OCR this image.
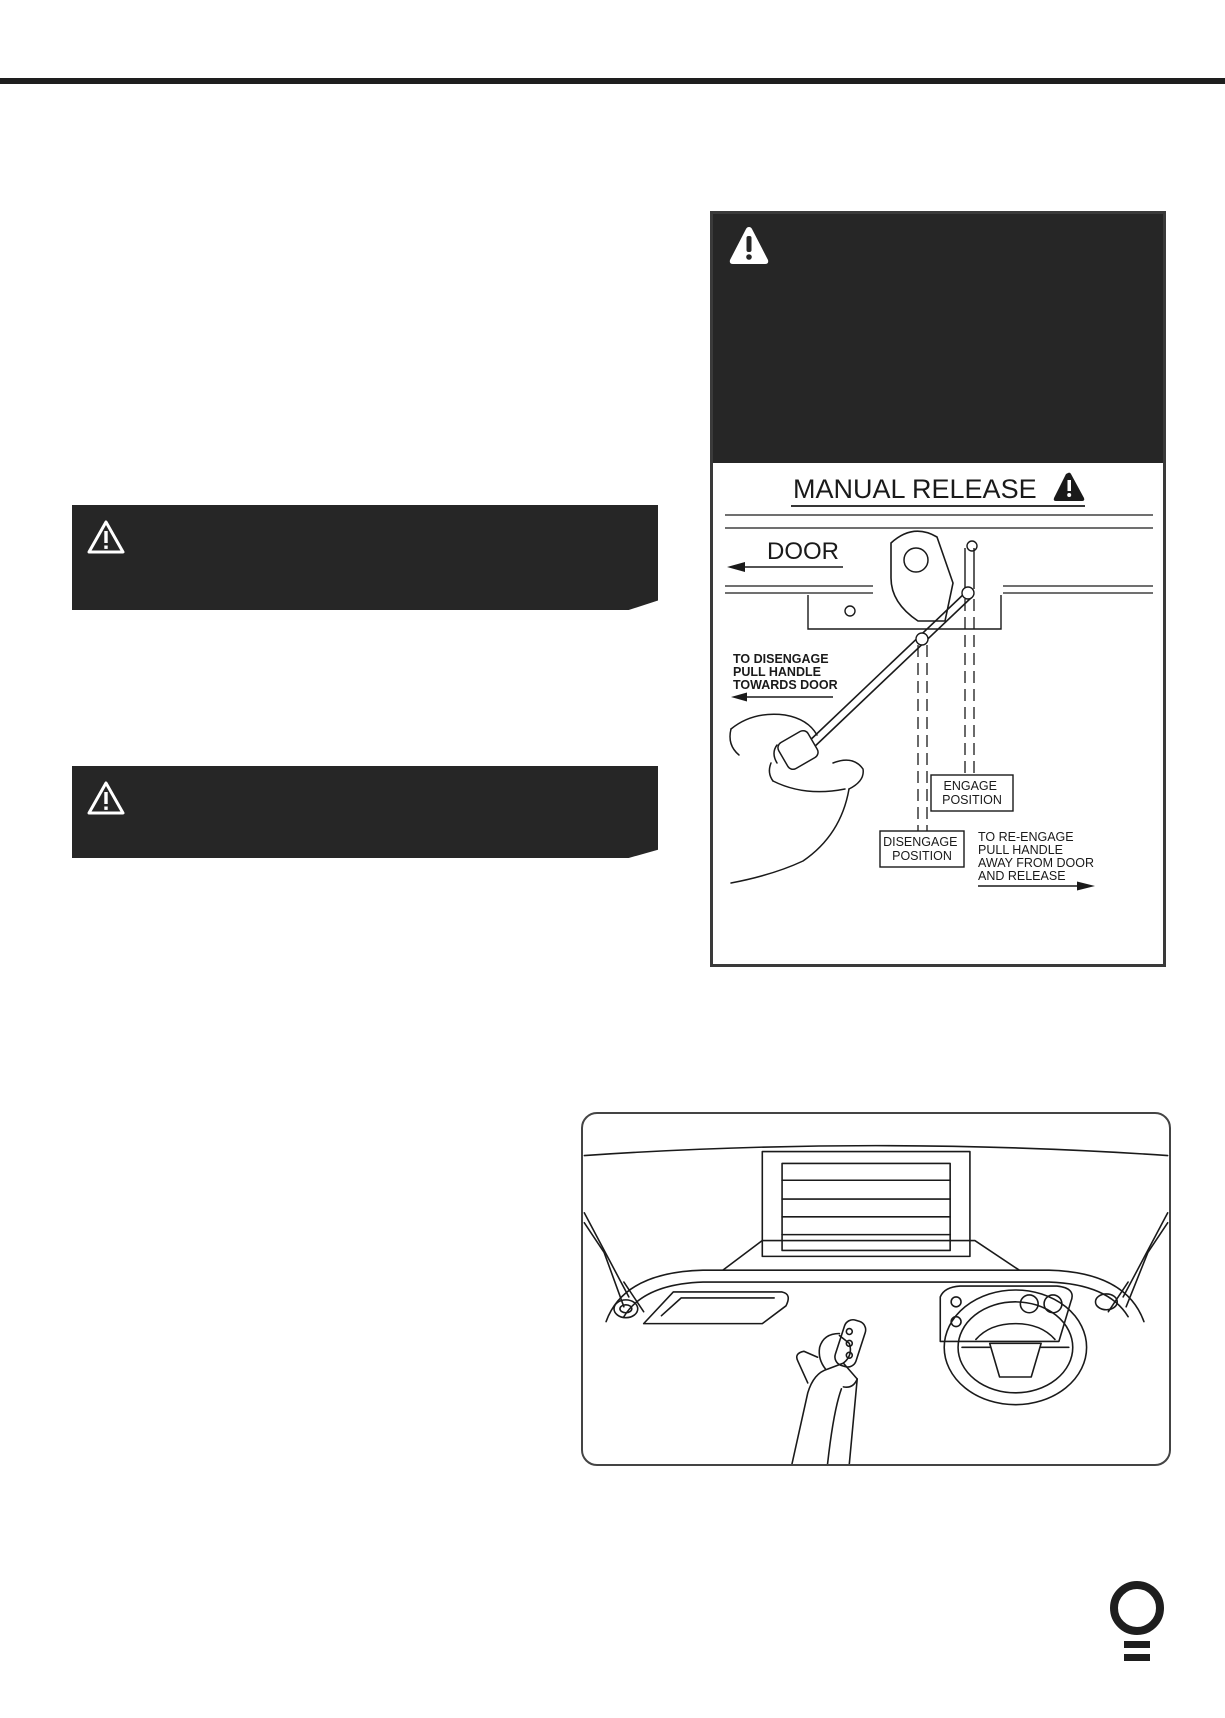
MANUAL RELEASE
DOOR
TO DISENGAGE PULL HANDLE TOWARDS DOOR
ENGAGE POSITION
DISENGAGE POSITION
TO RE-ENGAGE PULL HANDLE AWAY FROM DOOR AND RELEASE
